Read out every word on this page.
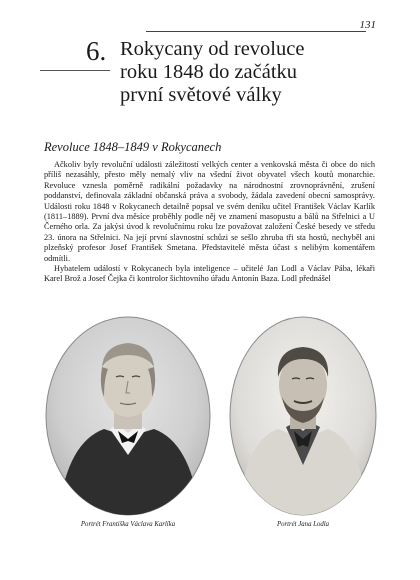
131
6. Rokycany od revoluce
roku 1848 do začátku
první světové války
Revoluce 1848–1849 v Rokycanech

Ačkoliv byly revoluční události záležitostí velkých center a venkovská města či obce do nich příliš nezasáhly, přesto měly nemalý vliv na všední život obyvatel všech koutů monarchie. Revoluce vznesla poměrně radikální požadavky na národnostní zrovnoprávnění, zrušení poddanství, definovala základní občanská práva a svobody, žádala zavedení obecní samosprávy. Události roku 1848 v Rokycanech detailně popsal ve svém deníku učitel František Václav Karlík (1811–1889). První dva měsíce proběhly podle něj ve znamení masopustu a bálů na Střelnici a U Černého orla. Za jakýsi úvod k revolučnímu roku lze považovat založení České besedy ve středu 23. února na Střelnici. Na její první slavnostní schůzi se sešlo zhruba tři sta hostů, nechyběl ani plzeňský profesor Josef František Smetana. Představitelé města účast s nelibým komentářem odmítli.

Hybatelem událostí v Rokycanech byla inteligence – učitelé Jan Lodl a Václav Pába, lékaři Karel Brož a Josef Čejka či kontrolor šichtovního úřadu Antonín Baza. Lodl přednášel

Portrét Františka Václava Karlíka	Portrét Jana Lodla
